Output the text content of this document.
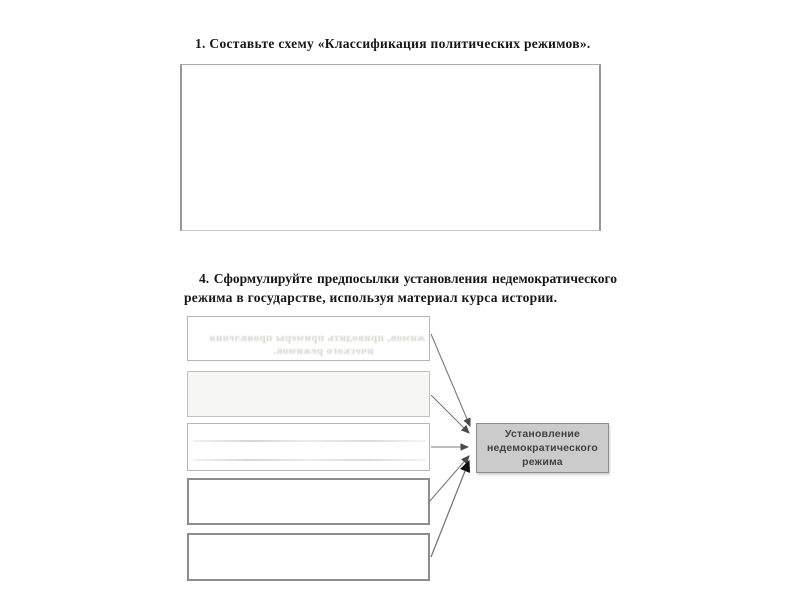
1. Составьте схему «Классификация политических режимов».
4. Сформулируйте предпосылки установления недемократического
режима в государстве, используя материал курса истории.
жимов, приводить примеры проявления
ического режимов.
Установление
недемократического
режима
